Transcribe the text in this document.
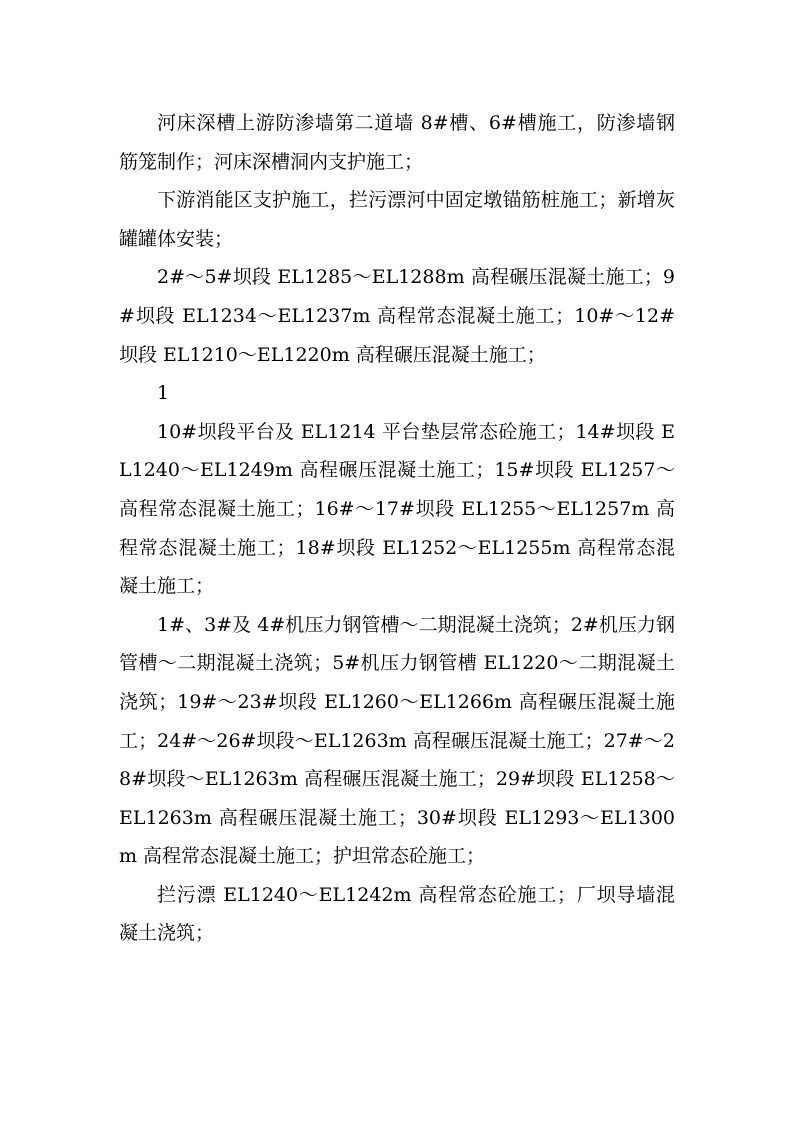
河床深槽上游防渗墙第二道墙 8#槽、6#槽施工，防渗墙钢筋笼制作；河床深槽洞内支护施工；

下游消能区支护施工，拦污漂河中固定墩锚筋桩施工；新增灰罐罐体安装；

2#～5#坝段 EL1285～EL1288m 高程碾压混凝土施工；9#坝段 EL1234～EL1237m 高程常态混凝土施工；10#～12#坝段 EL1210～EL1220m 高程碾压混凝土施工；

1

10#坝段平台及 EL1214 平台垫层常态砼施工；14#坝段 EL1240～EL1249m 高程碾压混凝土施工；15#坝段 EL1257～高程常态混凝土施工；16#～17#坝段 EL1255～EL1257m 高程常态混凝土施工；18#坝段 EL1252～EL1255m 高程常态混凝土施工；

1#、3#及 4#机压力钢管槽～二期混凝土浇筑；2#机压力钢管槽～二期混凝土浇筑；5#机压力钢管槽 EL1220～二期混凝土浇筑；19#～23#坝段 EL1260～EL1266m 高程碾压混凝土施工；24#～26#坝段～EL1263m 高程碾压混凝土施工；27#～28#坝段～EL1263m 高程碾压混凝土施工；29#坝段 EL1258～EL1263m 高程碾压混凝土施工；30#坝段 EL1293～EL1300m 高程常态混凝土施工；护坦常态砼施工；

拦污漂 EL1240～EL1242m 高程常态砼施工；厂坝导墙混凝土浇筑；
